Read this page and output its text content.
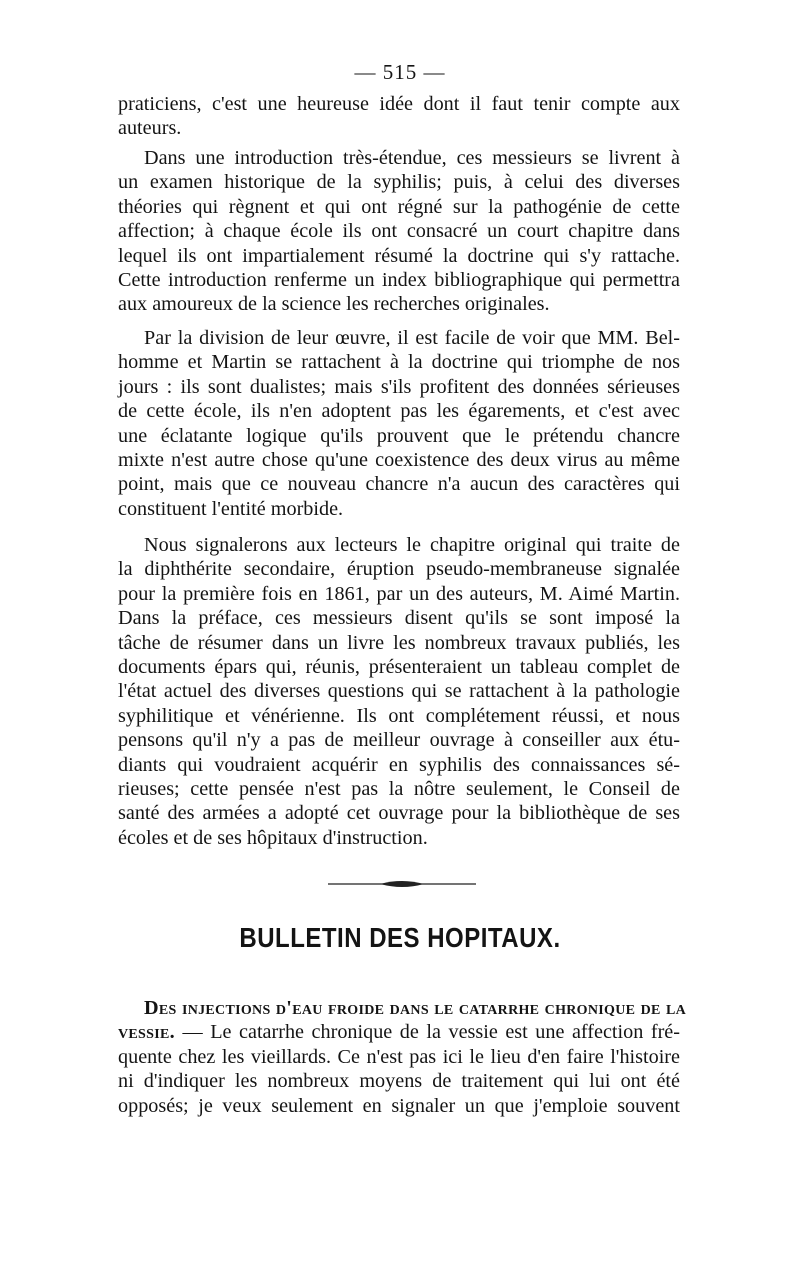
— 515 —
praticiens, c'est une heureuse idée dont il faut tenir compte aux
auteurs.
Dans une introduction très-étendue, ces messieurs se livrent à
un examen historique de la syphilis; puis, à celui des diverses
théories qui règnent et qui ont régné sur la pathogénie de cette
affection; à chaque école ils ont consacré un court chapitre dans
lequel ils ont impartialement résumé la doctrine qui s'y rattache.
Cette introduction renferme un index bibliographique qui permettra
aux amoureux de la science les recherches originales.
Par la division de leur œuvre, il est facile de voir que MM. Bel-
homme et Martin se rattachent à la doctrine qui triomphe de nos
jours : ils sont dualistes; mais s'ils profitent des données sérieuses
de cette école, ils n'en adoptent pas les égarements, et c'est avec
une éclatante logique qu'ils prouvent que le prétendu chancre
mixte n'est autre chose qu'une coexistence des deux virus au même
point, mais que ce nouveau chancre n'a aucun des caractères qui
constituent l'entité morbide.
Nous signalerons aux lecteurs le chapitre original qui traite de
la diphthérite secondaire, éruption pseudo-membraneuse signalée
pour la première fois en 1861, par un des auteurs, M. Aimé Martin.
Dans la préface, ces messieurs disent qu'ils se sont imposé la
tâche de résumer dans un livre les nombreux travaux publiés, les
documents épars qui, réunis, présenteraient un tableau complet de
l'état actuel des diverses questions qui se rattachent à la pathologie
syphilitique et vénérienne. Ils ont complétement réussi, et nous
pensons qu'il n'y a pas de meilleur ouvrage à conseiller aux étu-
diants qui voudraient acquérir en syphilis des connaissances sé-
rieuses; cette pensée n'est pas la nôtre seulement, le Conseil de
santé des armées a adopté cet ouvrage pour la bibliothèque de ses
écoles et de ses hôpitaux d'instruction.
BULLETIN DES HOPITAUX.
Des injections d'eau froide dans le catarrhe chronique de la
vessie. — Le catarrhe chronique de la vessie est une affection fré-
quente chez les vieillards. Ce n'est pas ici le lieu d'en faire l'histoire
ni d'indiquer les nombreux moyens de traitement qui lui ont été
opposés; je veux seulement en signaler un que j'emploie souvent
